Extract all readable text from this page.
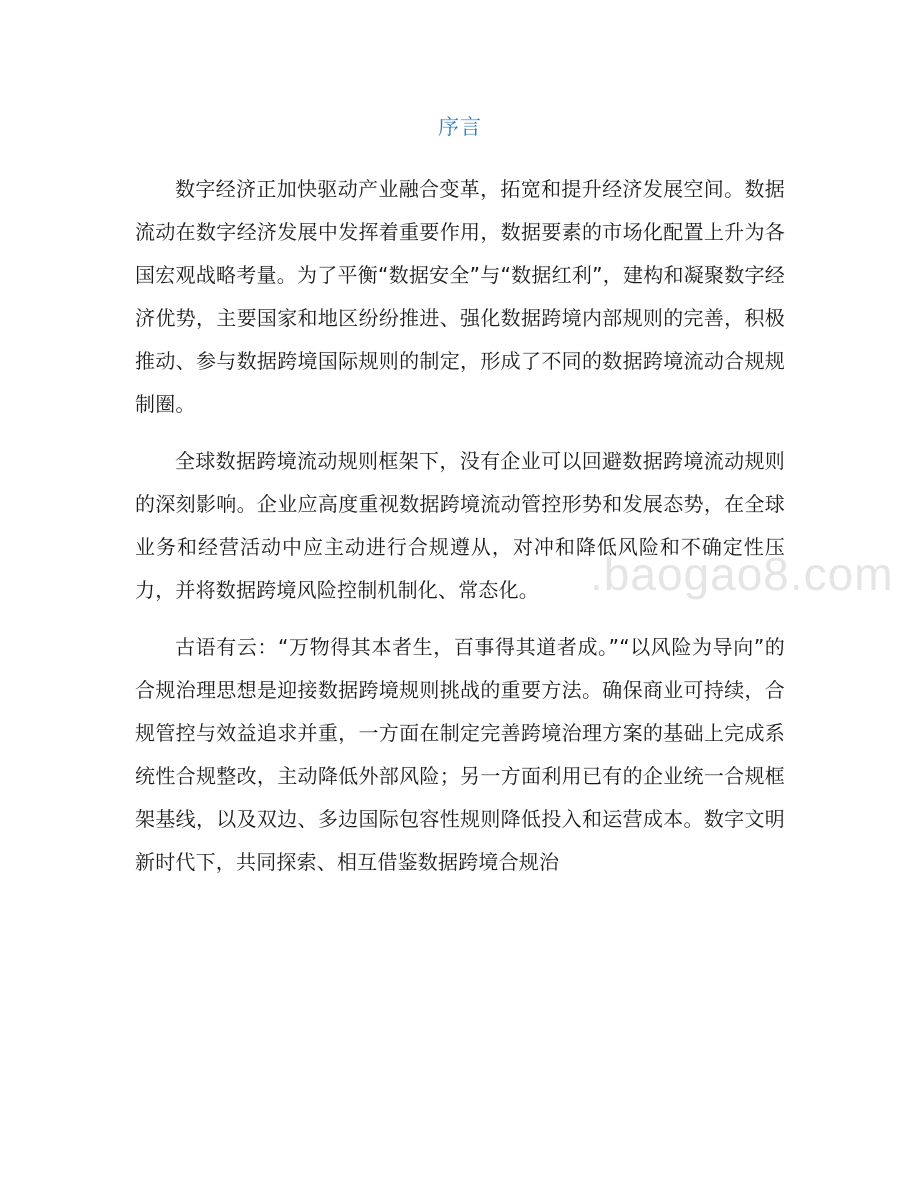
序言

数字经济正加快驱动产业融合变革，拓宽和提升经济发展空间。数据流动在数字经济发展中发挥着重要作用，数据要素的市场化配置上升为各国宏观战略考量。为了平衡“数据安全”与“数据红利”，建构和凝聚数字经济优势，主要国家和地区纷纷推进、强化数据跨境内部规则的完善，积极推动、参与数据跨境国际规则的制定，形成了不同的数据跨境流动合规规制圈。

全球数据跨境流动规则框架下，没有企业可以回避数据跨境流动规则的深刻影响。企业应高度重视数据跨境流动管控形势和发展态势，在全球业务和经营活动中应主动进行合规遵从，对冲和降低风险和不确定性压力，并将数据跨境风险控制机制化、常态化。

古语有云：“万物得其本者生，百事得其道者成。”“以风险为导向”的合规治理思想是迎接数据跨境规则挑战的重要方法。确保商业可持续，合规管控与效益追求并重，一方面在制定完善跨境治理方案的基础上完成系统性合规整改，主动降低外部风险；另一方面利用已有的企业统一合规框架基线，以及双边、多边国际包容性规则降低投入和运营成本。数字文明新时代下，共同探索、相互借鉴数据跨境合规治

.baogao8.com
